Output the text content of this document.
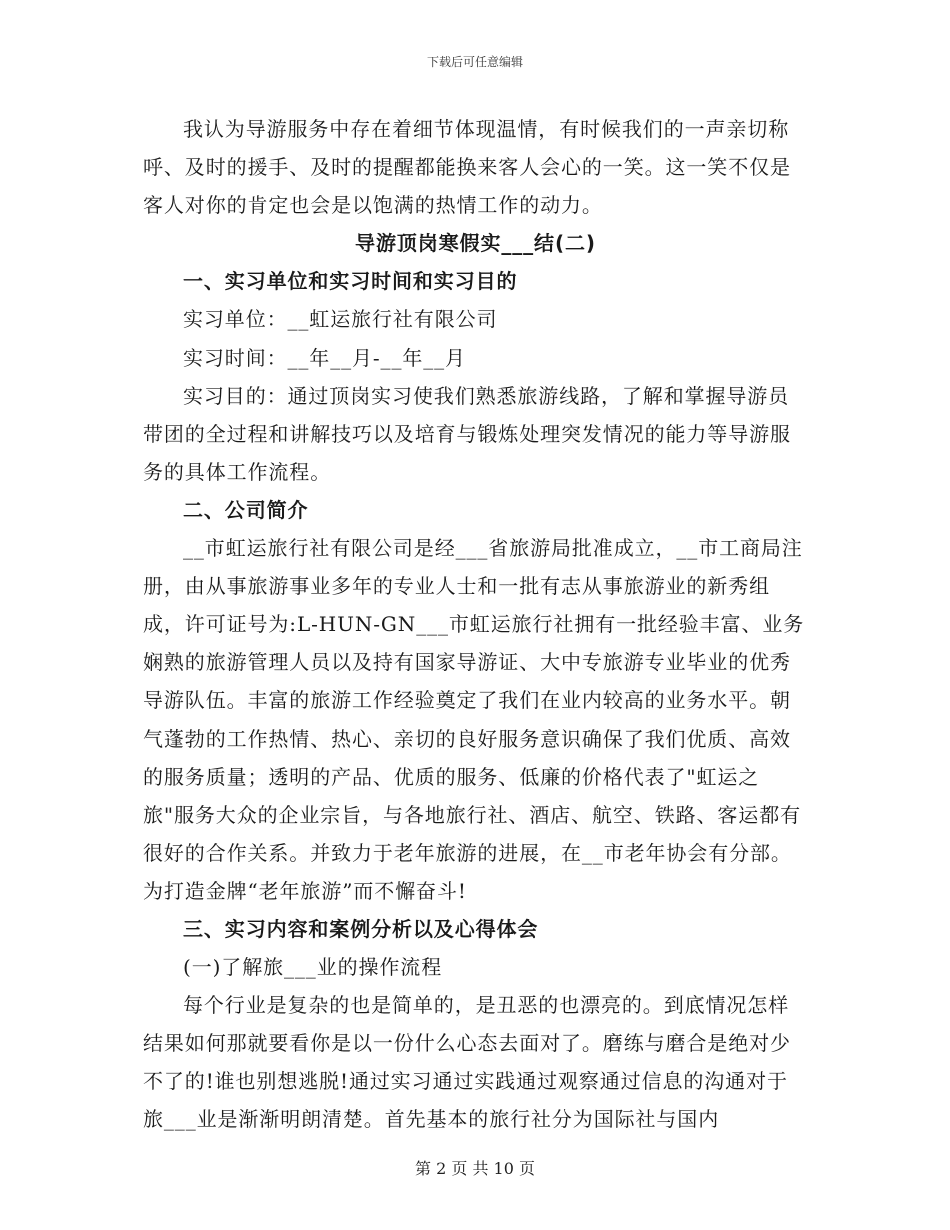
下载后可任意编辑

我认为导游服务中存在着细节体现温情，有时候我们的一声亲切称呼、及时的援手、及时的提醒都能换来客人会心的一笑。这一笑不仅是客人对你的肯定也会是以饱满的热情工作的动力。

导游顶岗寒假实___结(二)

一、实习单位和实习时间和实习目的

实习单位：__虹运旅行社有限公司

实习时间：__年__月-__年__月

实习目的：通过顶岗实习使我们熟悉旅游线路，了解和掌握导游员带团的全过程和讲解技巧以及培育与锻炼处理突发情况的能力等导游服务的具体工作流程。

二、公司简介

__市虹运旅行社有限公司是经___省旅游局批准成立，__市工商局注册，由从事旅游事业多年的专业人士和一批有志从事旅游业的新秀组成，许可证号为:L-HUN-GN___市虹运旅行社拥有一批经验丰富、业务娴熟的旅游管理人员以及持有国家导游证、大中专旅游专业毕业的优秀导游队伍。丰富的旅游工作经验奠定了我们在业内较高的业务水平。朝气蓬勃的工作热情、热心、亲切的良好服务意识确保了我们优质、高效的服务质量；透明的产品、优质的服务、低廉的价格代表了"虹运之旅"服务大众的企业宗旨，与各地旅行社、酒店、航空、铁路、客运都有很好的合作关系。并致力于老年旅游的进展，在__市老年协会有分部。为打造金牌“老年旅游”而不懈奋斗!

三、实习内容和案例分析以及心得体会

(一)了解旅___业的操作流程

每个行业是复杂的也是简单的，是丑恶的也漂亮的。到底情况怎样结果如何那就要看你是以一份什么心态去面对了。磨练与磨合是绝对少不了的!谁也别想逃脱!通过实习通过实践通过观察通过信息的沟通对于旅___业是渐渐明朗清楚。首先基本的旅行社分为国际社与国内

第 2 页 共 10 页
